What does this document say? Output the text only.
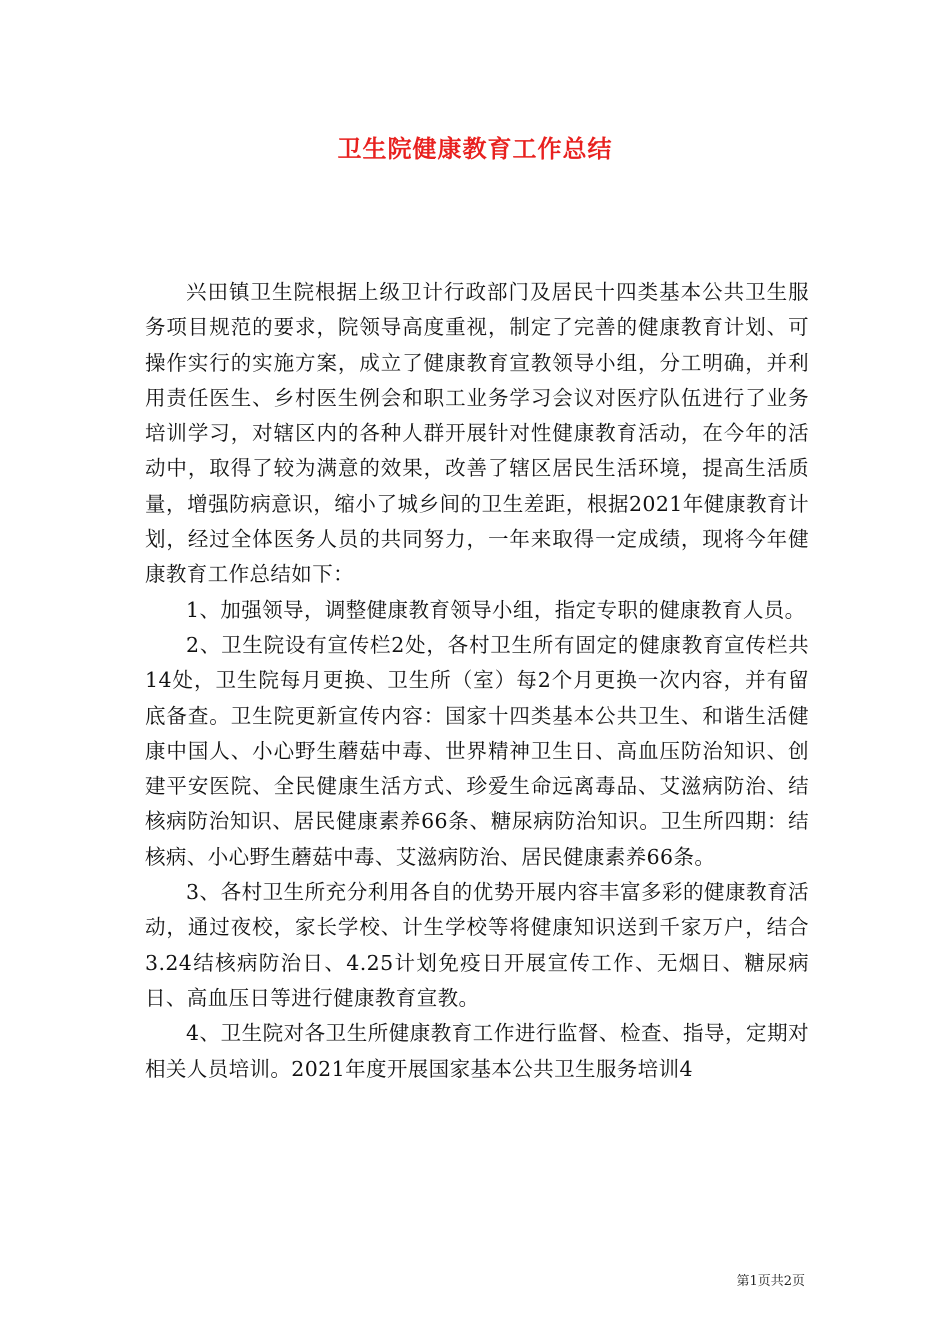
卫生院健康教育工作总结

兴田镇卫生院根据上级卫计行政部门及居民十四类基本公共卫生服务项目规范的要求，院领导高度重视，制定了完善的健康教育计划、可操作实行的实施方案，成立了健康教育宣教领导小组，分工明确，并利用责任医生、乡村医生例会和职工业务学习会议对医疗队伍进行了业务培训学习，对辖区内的各种人群开展针对性健康教育活动，在今年的活动中，取得了较为满意的效果，改善了辖区居民生活环境，提高生活质量，增强防病意识，缩小了城乡间的卫生差距，根据2021年健康教育计划，经过全体医务人员的共同努力，一年来取得一定成绩，现将今年健康教育工作总结如下：

1、加强领导，调整健康教育领导小组，指定专职的健康教育人员。

2、卫生院设有宣传栏2处，各村卫生所有固定的健康教育宣传栏共14处，卫生院每月更换、卫生所（室）每2个月更换一次内容，并有留底备查。卫生院更新宣传内容：国家十四类基本公共卫生、和谐生活健康中国人、小心野生蘑菇中毒、世界精神卫生日、高血压防治知识、创建平安医院、全民健康生活方式、珍爱生命远离毒品、艾滋病防治、结核病防治知识、居民健康素养66条、糖尿病防治知识。卫生所四期：结核病、小心野生蘑菇中毒、艾滋病防治、居民健康素养66条。

3、各村卫生所充分利用各自的优势开展内容丰富多彩的健康教育活动，通过夜校，家长学校、计生学校等将健康知识送到千家万户，结合3.24结核病防治日、4.25计划免疫日开展宣传工作、无烟日、糖尿病日、高血压日等进行健康教育宣教。

4、卫生院对各卫生所健康教育工作进行监督、检查、指导，定期对相关人员培训。2021年度开展国家基本公共卫生服务培训4

第1页共2页
